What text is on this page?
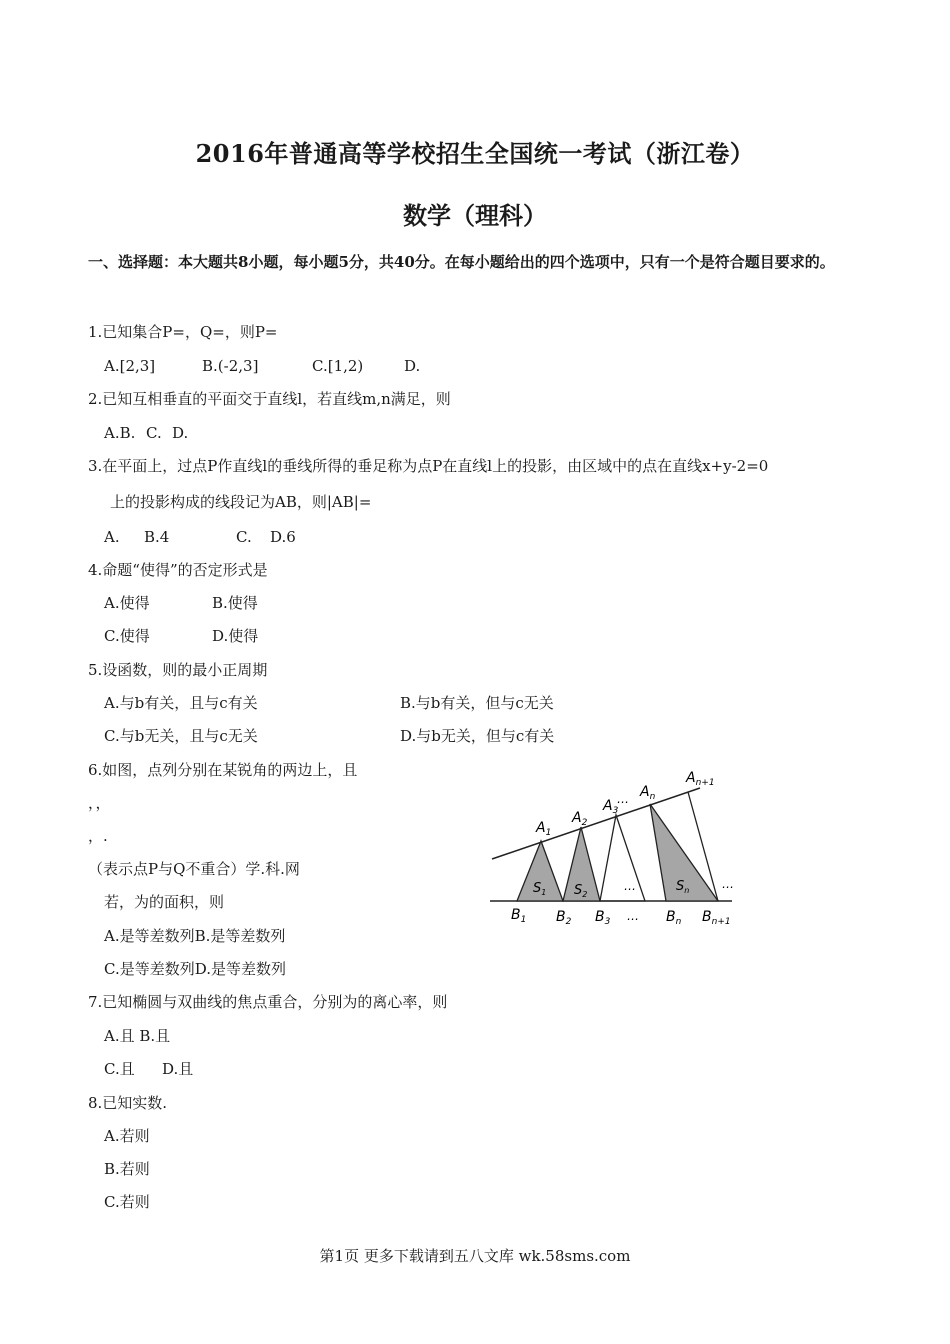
2016年普通高等学校招生全国统一考试（浙江卷）
数学（理科）
一、选择题：本大题共8小题，每小题5分，共40分。在每小题给出的四个选项中，只有一个是符合题目要求的。
1.已知集合P=，Q=，则P=
A.[2,3]	B.(-2,3]	C.[1,2)	D.
2.已知互相垂直的平面交于直线l，若直线m,n满足，则
A.B. C. D.
3.在平面上，过点P作直线l的垂线所得的垂足称为点P在直线l上的投影，由区域中的点在直线x+y-2=0
上的投影构成的线段记为AB，则|AB|=
A. B.4	C. D.6
4.命题“使得”的否定形式是
A.使得	B.使得
C.使得	D.使得
5.设函数，则的最小正周期
A.与b有关，且与c有关	B.与b有关，但与c无关
C.与b无关，且与c无关	D.与b无关，但与c有关
6.如图，点列分别在某锐角的两边上，且
，，
，.
（表示点P与Q不重合）学.科.网
若，为的面积，则
A.是等差数列B.是等差数列
C.是等差数列D.是等差数列
$A_1$
$A_2$
$A_3$
… $A_n$
$A_{n+1}$
$S_1$ $S_2$
…	$S_n$	…
$B_1$ $B_2$ $B_3$ … $B_n$ $B_{n+1}$
7.已知椭圆与双曲线的焦点重合，分别为的离心率，则
A.且 B.且
C.且 D.且
8.已知实数.
A.若则
B.若则
C.若则
第1页 更多下载请到五八文库 wk.58sms.com
